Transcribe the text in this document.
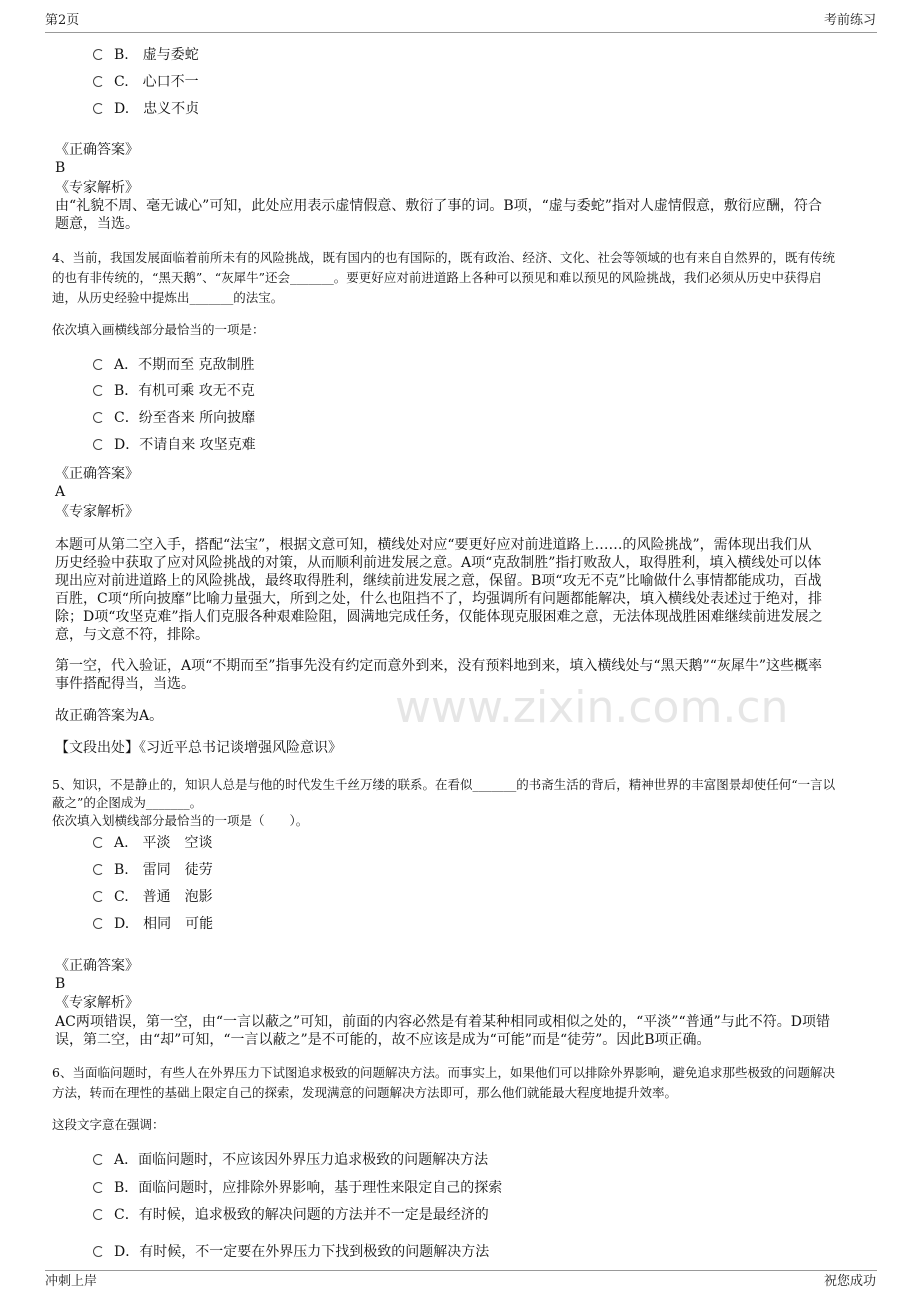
www.zixin.com.cn
第2页	考前练习
B.　虚与委蛇
C.　心口不一
D.　忠义不贞
《正确答案》
B
《专家解析》
由“礼貌不周、毫无诚心”可知，此处应用表示虚情假意、敷衍了事的词。B项，“虚与委蛇”指对人虚情假意，敷衍应酬，符合
题意，当选。
4、当前，我国发展面临着前所未有的风险挑战，既有国内的也有国际的，既有政治、经济、文化、社会等领域的也有来自自然界的，既有传统
的也有非传统的，“黑天鹅”、“灰犀牛”还会_______。要更好应对前进道路上各种可以预见和难以预见的风险挑战，我们必须从历史中获得启
迪，从历史经验中提炼出_______的法宝。
依次填入画横线部分最恰当的一项是：
A．不期而至 克敌制胜
B．有机可乘 攻无不克
C．纷至沓来 所向披靡
D．不请自来 攻坚克难
《正确答案》
A
《专家解析》
本题可从第二空入手，搭配“法宝”，根据文意可知，横线处对应“要更好应对前进道路上……的风险挑战”，需体现出我们从
历史经验中获取了应对风险挑战的对策，从而顺利前进发展之意。A项“克敌制胜”指打败敌人，取得胜利，填入横线处可以体
现出应对前进道路上的风险挑战，最终取得胜利，继续前进发展之意，保留。B项“攻无不克”比喻做什么事情都能成功，百战
百胜，C项“所向披靡”比喻力量强大，所到之处，什么也阻挡不了，均强调所有问题都能解决，填入横线处表述过于绝对，排
除；D项“攻坚克难”指人们克服各种艰难险阻，圆满地完成任务，仅能体现克服困难之意，无法体现战胜困难继续前进发展之
意，与文意不符，排除。
第一空，代入验证，A项“不期而至”指事先没有约定而意外到来，没有预料地到来，填入横线处与“黑天鹅”“灰犀牛”这些概率
事件搭配得当，当选。
故正确答案为A。
【文段出处】《习近平总书记谈增强风险意识》
5、知识，不是静止的，知识人总是与他的时代发生千丝万缕的联系。在看似_______的书斋生活的背后，精神世界的丰富图景却使任何“一言以
蔽之”的企图成为_______。
依次填入划横线部分最恰当的一项是（　　）。
A.　平淡　空谈
B.　雷同　徒劳
C.　普通　泡影
D.　相同　可能
《正确答案》
B
《专家解析》
AC两项错误，第一空，由“一言以蔽之”可知，前面的内容必然是有着某种相同或相似之处的，“平淡”“普通”与此不符。D项错
误，第二空，由“却”可知，“一言以蔽之”是不可能的，故不应该是成为“可能”而是“徒劳”。因此B项正确。
6、当面临问题时，有些人在外界压力下试图追求极致的问题解决方法。而事实上，如果他们可以排除外界影响，避免追求那些极致的问题解决
方法，转而在理性的基础上限定自己的探索，发现满意的问题解决方法即可，那么他们就能最大程度地提升效率。
这段文字意在强调：
A．面临问题时，不应该因外界压力追求极致的问题解决方法
B．面临问题时，应排除外界影响，基于理性来限定自己的探索
C．有时候，追求极致的解决问题的方法并不一定是最经济的
D．有时候，不一定要在外界压力下找到极致的问题解决方法
冲刺上岸	祝您成功
